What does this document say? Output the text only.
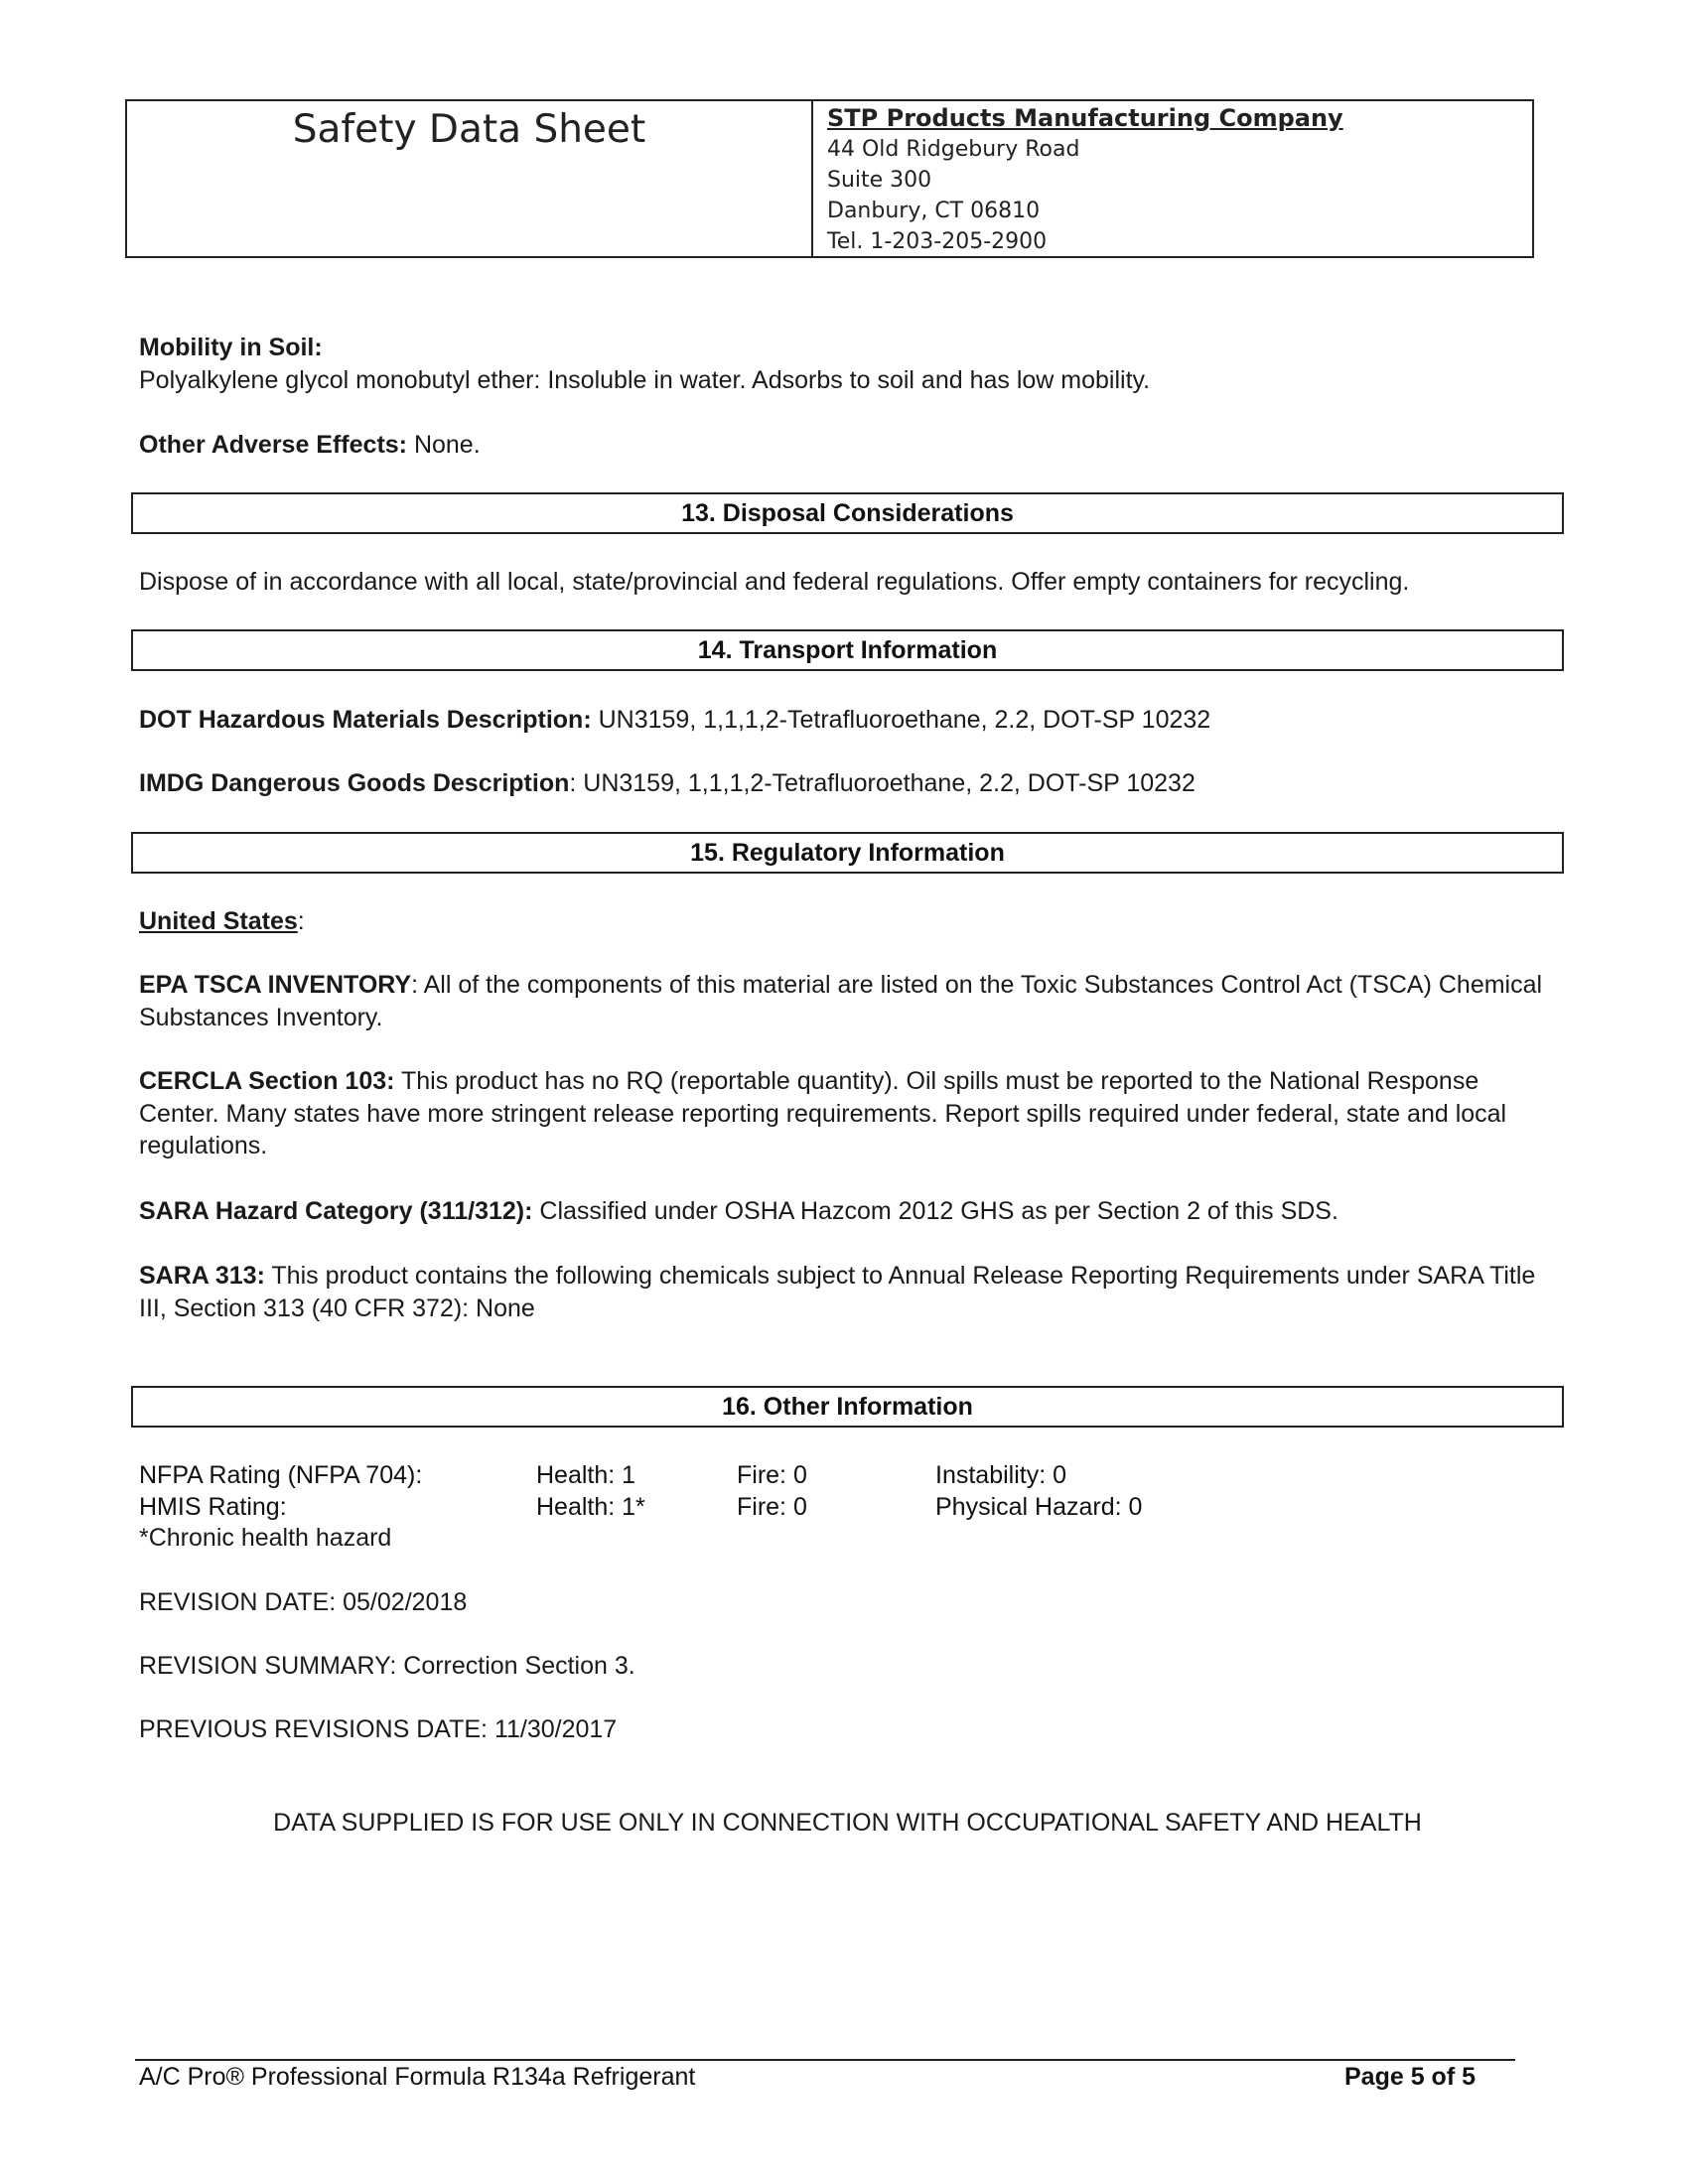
Safety Data Sheet	STP Products Manufacturing Company
44 Old Ridgebury Road
Suite 300
Danbury, CT 06810
Tel. 1-203-205-2900
Mobility in Soil:
Polyalkylene glycol monobutyl ether: Insoluble in water. Adsorbs to soil and has low mobility.
Other Adverse Effects: None.
13. Disposal Considerations
Dispose of in accordance with all local, state/provincial and federal regulations. Offer empty containers for recycling.
14. Transport Information
DOT Hazardous Materials Description: UN3159, 1,1,1,2-Tetrafluoroethane, 2.2, DOT-SP 10232
IMDG Dangerous Goods Description: UN3159, 1,1,1,2-Tetrafluoroethane, 2.2, DOT-SP 10232
15. Regulatory Information
United States:
EPA TSCA INVENTORY: All of the components of this material are listed on the Toxic Substances Control Act (TSCA) Chemical Substances Inventory.
CERCLA Section 103: This product has no RQ (reportable quantity). Oil spills must be reported to the National Response Center. Many states have more stringent release reporting requirements. Report spills required under federal, state and local regulations.
SARA Hazard Category (311/312): Classified under OSHA Hazcom 2012 GHS as per Section 2 of this SDS.
SARA 313: This product contains the following chemicals subject to Annual Release Reporting Requirements under SARA Title III, Section 313 (40 CFR 372): None
16. Other Information
NFPA Rating (NFPA 704):	Health: 1	Fire: 0	Instability: 0
HMIS Rating:	Health: 1*	Fire: 0	Physical Hazard: 0
*Chronic health hazard
REVISION DATE: 05/02/2018
REVISION SUMMARY: Correction Section 3.
PREVIOUS REVISIONS DATE: 11/30/2017
DATA SUPPLIED IS FOR USE ONLY IN CONNECTION WITH OCCUPATIONAL SAFETY AND HEALTH
A/C Pro® Professional Formula R134a Refrigerant	Page 5 of 5
